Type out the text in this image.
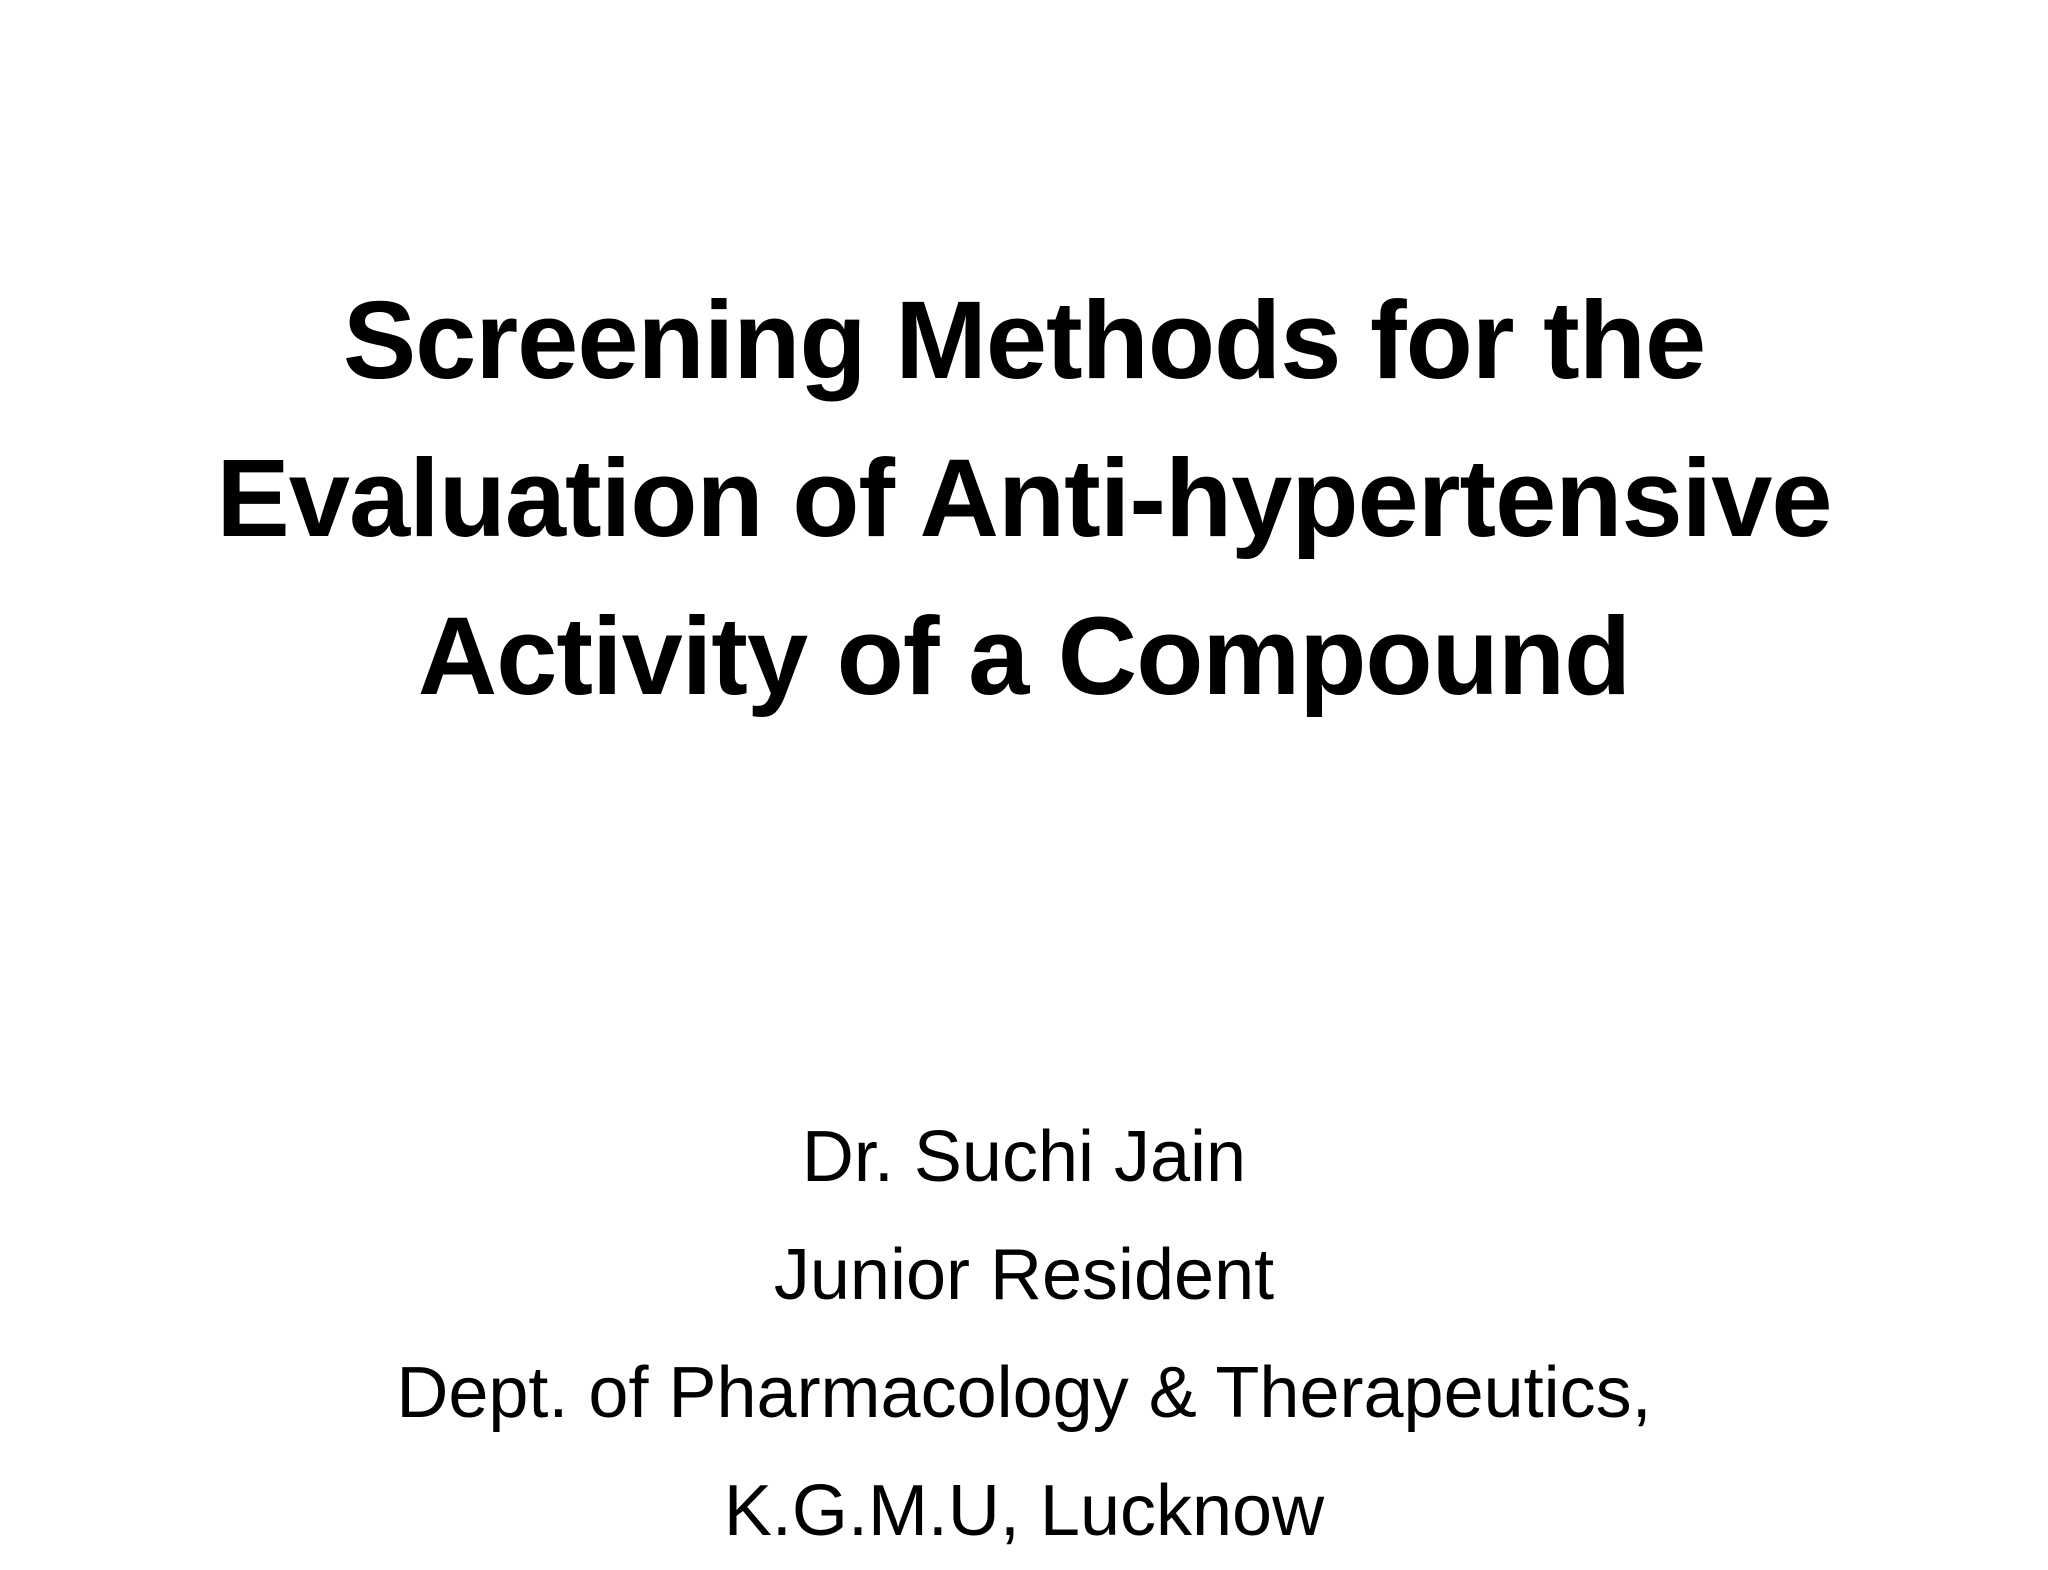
Screening Methods for the
Evaluation of Anti-hypertensive
Activity of a Compound
Dr. Suchi Jain
Junior Resident
Dept. of Pharmacology & Therapeutics,
K.G.M.U, Lucknow
